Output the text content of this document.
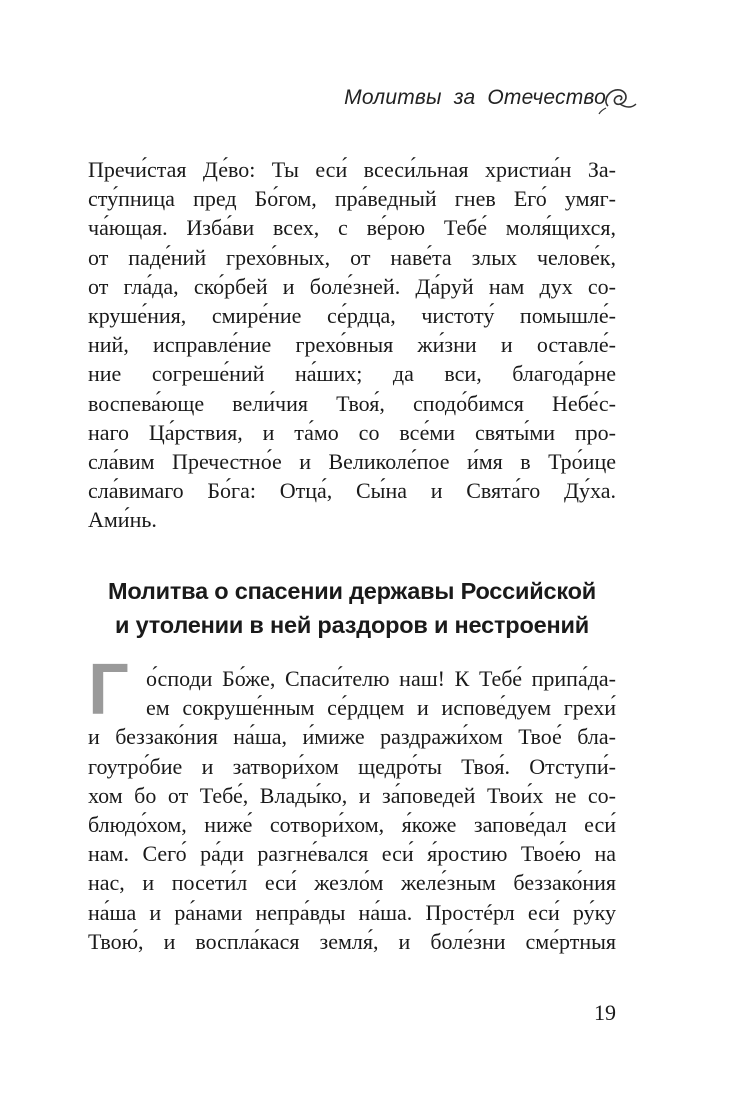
Молитвы за Отечество
Пречи́стая Де́во: Ты еси́ всеси́льная христиа́н За-
сту́пница пред Бо́гом, пра́ведный гнев Его́ умяг-
ча́ющая. Изба́ви всех, с ве́рою Тебе́ моля́щихся,
от паде́ний грехо́вных, от наве́та злых челове́к,
от гла́да, ско́рбей и боле́зней. Да́руй нам дух со-
круше́ния, смире́ние се́рдца, чистоту́ помышле́-
ний, исправле́ние грехо́вныя жи́зни и оставле́-
ние согреше́ний на́ших; да вси, благода́рне
воспева́юще вели́чия Твоя́, сподо́бимся Небе́с-
наго Ца́рствия, и та́мо со все́ми святы́ми про-
сла́вим Пречестно́е и Великоле́пое и́мя в Тро́ице
сла́вимаго Бо́га: Отца́, Сы́на и Свята́го Ду́ха.
Ами́нь.
Молитва о спасении державы Российской
и утолении в ней раздоров и нестроений
Г о́споди Бо́же, Спаси́телю наш! К Тебе́ припа́да-
ем сокруше́нным се́рдцем и испове́дуем грехи́
и беззако́ния на́ша, и́миже раздражи́хом Твое́ бла-
гоутро́бие и затвори́хом щедро́ты Твоя́. Отступи́-
хом бо от Тебе́, Влады́ко, и за́поведей Твои́х не со-
блюдо́хом, ниже́ сотвори́хом, я́коже запове́дал еси́
нам. Сего́ ра́ди разгне́вался еси́ я́ростию Твое́ю на
нас, и посети́л еси́ жезло́м желе́зным беззако́ния
на́ша и ра́нами непра́вды на́ша. Простéрл еси́ ру́ку
Твою́, и воспла́кася земля́, и боле́зни сме́ртныя
19
